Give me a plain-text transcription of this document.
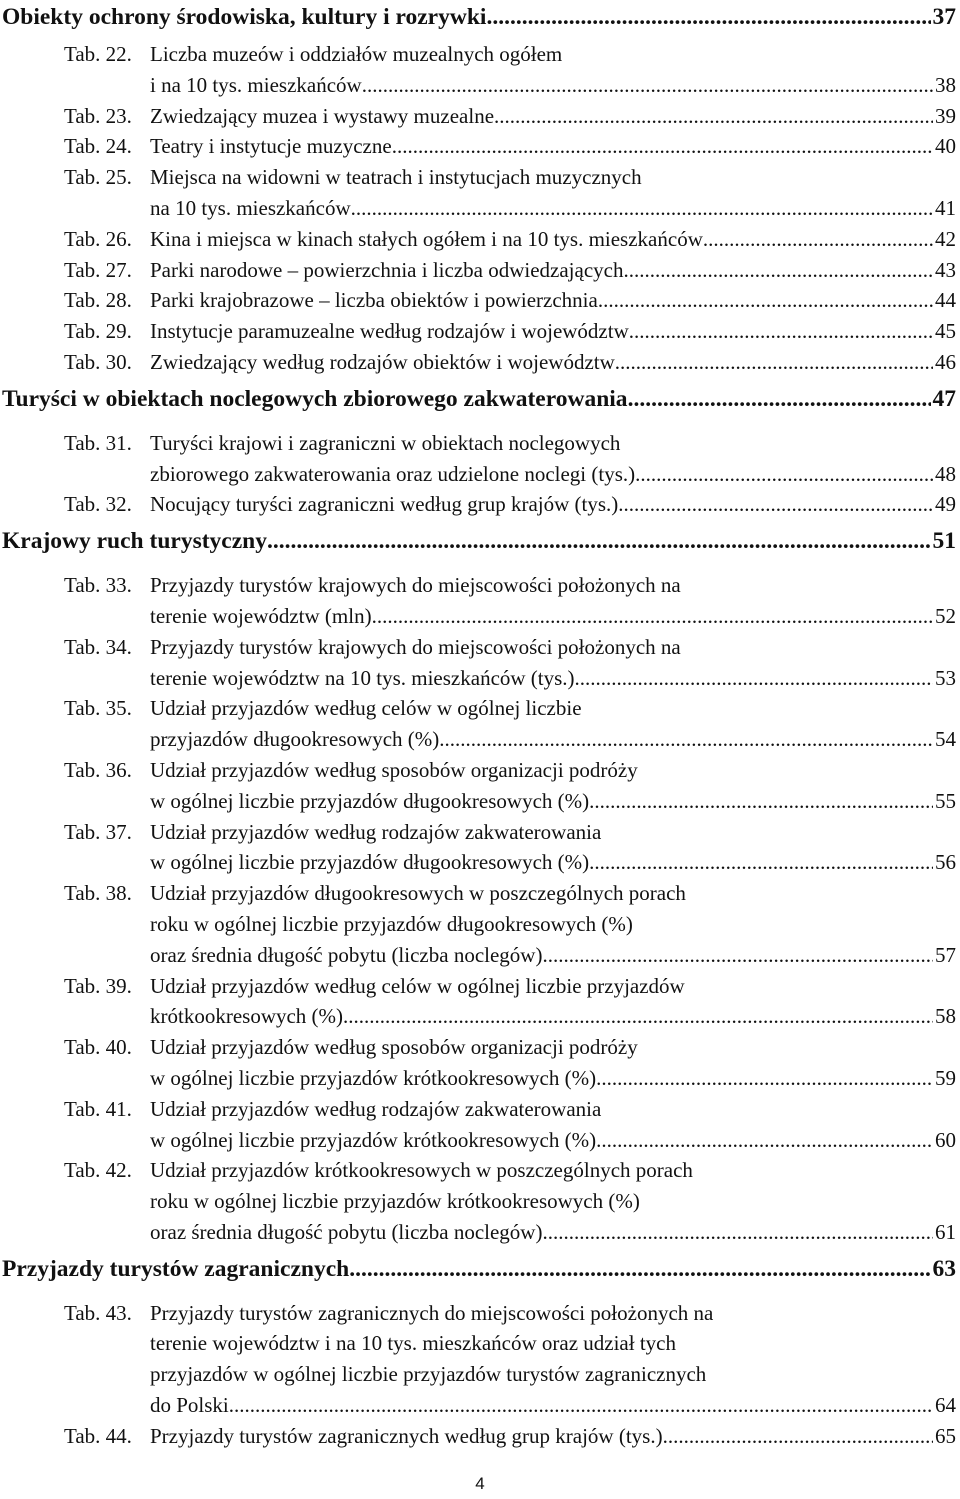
Obiekty ochrony środowiska, kultury i rozrywki .....	37
Tab. 22. Liczba muzeów i oddziałów muzealnych ogółem
i na 10 tys. mieszkańców .....	38
Tab. 23. Zwiedzający muzea i wystawy muzealne .....	39
Tab. 24. Teatry i instytucje muzyczne .....	40
Tab. 25. Miejsca na widowni w teatrach i instytucjach muzycznych
na 10 tys. mieszkańców .....	41
Tab. 26. Kina i miejsca w kinach stałych ogółem i na 10 tys. mieszkańców .....	42
Tab. 27. Parki narodowe – powierzchnia i liczba odwiedzających .....	43
Tab. 28. Parki krajobrazowe – liczba obiektów i powierzchnia .....	44
Tab. 29. Instytucje paramuzealne według rodzajów i województw .....	45
Tab. 30. Zwiedzający według rodzajów obiektów i województw .....	46
Turyści w obiektach noclegowych zbiorowego zakwaterowania .....	47
Tab. 31. Turyści krajowi i zagraniczni w obiektach noclegowych
zbiorowego zakwaterowania oraz udzielone noclegi (tys.) .....	48
Tab. 32. Nocujący turyści zagraniczni według grup krajów (tys.) .....	49
Krajowy ruch turystyczny .....	51
Tab. 33. Przyjazdy turystów krajowych do miejscowości położonych na
terenie województw (mln) .....	52
Tab. 34. Przyjazdy turystów krajowych do miejscowości położonych na
terenie województw na 10 tys. mieszkańców (tys.) .....	53
Tab. 35. Udział przyjazdów według celów w ogólnej liczbie
przyjazdów długookresowych (%) .....	54
Tab. 36. Udział przyjazdów według sposobów organizacji podróży
w ogólnej liczbie przyjazdów długookresowych (%) .....	55
Tab. 37. Udział przyjazdów według rodzajów zakwaterowania
w ogólnej liczbie przyjazdów długookresowych (%) .....	56
Tab. 38. Udział przyjazdów długookresowych w poszczególnych porach
roku w ogólnej liczbie przyjazdów długookresowych (%)
oraz średnia długość pobytu (liczba noclegów) .....	57
Tab. 39. Udział przyjazdów według celów w ogólnej liczbie przyjazdów
krótkookresowych (%) .....	58
Tab. 40. Udział przyjazdów według sposobów organizacji podróży
w ogólnej liczbie przyjazdów krótkookresowych (%) .....	59
Tab. 41. Udział przyjazdów według rodzajów zakwaterowania
w ogólnej liczbie przyjazdów krótkookresowych (%) .....	60
Tab. 42. Udział przyjazdów krótkookresowych w poszczególnych porach
roku w ogólnej liczbie przyjazdów krótkookresowych (%)
oraz średnia długość pobytu (liczba noclegów) .....	61
Przyjazdy turystów zagranicznych .....	63
Tab. 43. Przyjazdy turystów zagranicznych do miejscowości położonych na
terenie województw i na 10 tys. mieszkańców oraz udział tych
przyjazdów w ogólnej liczbie przyjazdów turystów zagranicznych
do Polski .....	64
Tab. 44. Przyjazdy turystów zagranicznych według grup krajów (tys.) .....	65
4
